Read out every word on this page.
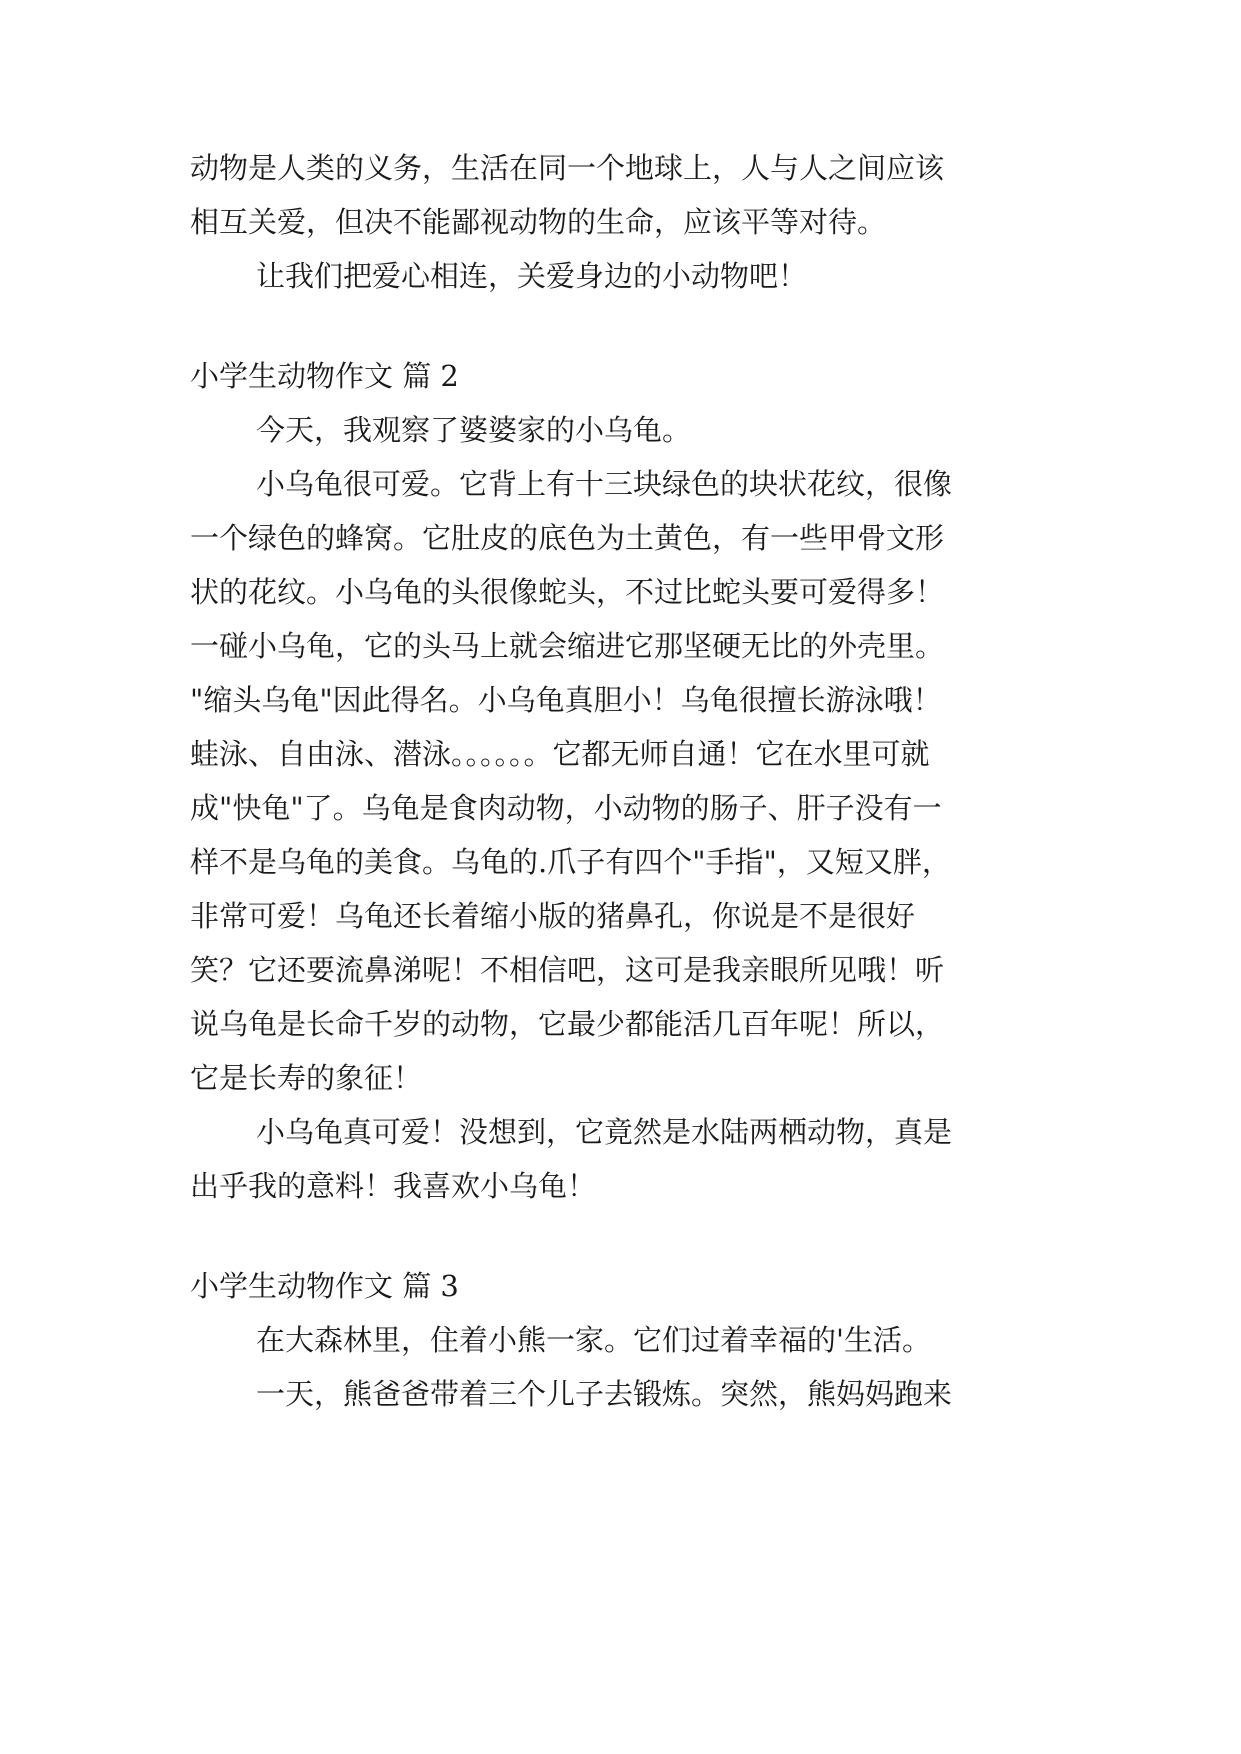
动物是人类的义务，生活在同一个地球上，人与人之间应该
相互关爱，但决不能鄙视动物的生命，应该平等对待。
让我们把爱心相连，关爱身边的小动物吧！
小学生动物作文 篇 2
今天，我观察了婆婆家的小乌龟。
小乌龟很可爱。它背上有十三块绿色的块状花纹，很像
一个绿色的蜂窝。它肚皮的底色为土黄色，有一些甲骨文形
状的花纹。小乌龟的头很像蛇头，不过比蛇头要可爱得多！
一碰小乌龟，它的头马上就会缩进它那坚硬无比的外壳里。
"缩头乌龟"因此得名。小乌龟真胆小！乌龟很擅长游泳哦！
蛙泳、自由泳、潜泳。。。。。。它都无师自通！它在水里可就
成"快龟"了。乌龟是食肉动物，小动物的肠子、肝子没有一
样不是乌龟的美食。乌龟的.爪子有四个"手指"，又短又胖，
非常可爱！乌龟还长着缩小版的猪鼻孔，你说是不是很好
笑？它还要流鼻涕呢！不相信吧，这可是我亲眼所见哦！听
说乌龟是长命千岁的动物，它最少都能活几百年呢！所以，
它是长寿的象征！
小乌龟真可爱！没想到，它竟然是水陆两栖动物，真是
出乎我的意料！我喜欢小乌龟！
小学生动物作文 篇 3
在大森林里，住着小熊一家。它们过着幸福的'生活。
一天，熊爸爸带着三个儿子去锻炼。突然，熊妈妈跑来
